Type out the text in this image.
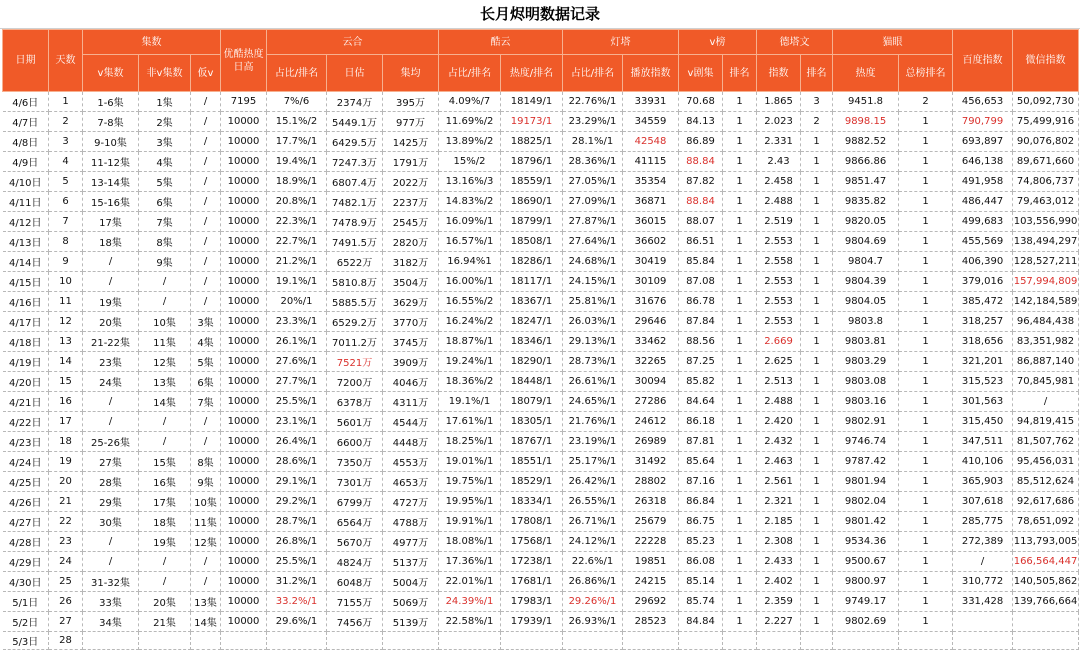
长月烬明数据记录
日期	天数	集数			优酷热度日高	云合			酷云		灯塔		v榜		德塔文		猫眼		百度指数	微信指数
		v集数	非v集数	仮v		占比/排名	日估	集均	占比/排名	热度/排名	占比/排名	播放指数	v剧集	排名	指数	排名	热度	总榜排名		
4/6日	1	1-6集	1集	/	7195	7%/6	2374万	395万	4.09%/7	18149/1	22.76%/1	33931	70.68	1	1.865	3	9451.8	2	456,653	50,092,730
4/7日	2	7-8集	2集	/	10000	15.1%/2	5449.1万	977万	11.69%/2	19173/1	23.29%/1	34559	84.13	1	2.023	2	9898.15	1	790,799	75,499,916
4/8日	3	9-10集	3集	/	10000	17.7%/1	6429.5万	1425万	13.89%/2	18825/1	28.1%/1	42548	86.89	1	2.331	1	9882.52	1	693,897	90,076,802
4/9日	4	11-12集	4集	/	10000	19.4%/1	7247.3万	1791万	15%/2	18796/1	28.36%/1	41115	88.84	1	2.43	1	9866.86	1	646,138	89,671,660
4/10日	5	13-14集	5集	/	10000	18.9%/1	6807.4万	2022万	13.16%/3	18559/1	27.05%/1	35354	87.82	1	2.458	1	9851.47	1	491,958	74,806,737
4/11日	6	15-16集	6集	/	10000	20.8%/1	7482.1万	2237万	14.83%/2	18690/1	27.09%/1	36871	88.84	1	2.488	1	9835.82	1	486,447	79,463,012
4/12日	7	17集	7集	/	10000	22.3%/1	7478.9万	2545万	16.09%/1	18799/1	27.87%/1	36015	88.07	1	2.519	1	9820.05	1	499,683	103,556,990
4/13日	8	18集	8集	/	10000	22.7%/1	7491.5万	2820万	16.57%/1	18508/1	27.64%/1	36602	86.51	1	2.553	1	9804.69	1	455,569	138,494,297
4/14日	9	/	9集	/	10000	21.2%/1	6522万	3182万	16.94%1	18286/1	24.68%/1	30419	85.84	1	2.558	1	9804.7	1	406,390	128,527,211
4/15日	10	/	/	/	10000	19.1%/1	5810.8万	3504万	16.00%/1	18117/1	24.15%/1	30109	87.08	1	2.553	1	9804.39	1	379,016	157,994,809
4/16日	11	19集	/	/	10000	20%/1	5885.5万	3629万	16.55%/2	18367/1	25.81%/1	31676	86.78	1	2.553	1	9804.05	1	385,472	142,184,589
4/17日	12	20集	10集	3集	10000	23.3%/1	6529.2万	3770万	16.24%/2	18247/1	26.03%/1	29646	87.84	1	2.553	1	9803.8	1	318,257	96,484,438
4/18日	13	21-22集	11集	4集	10000	26.1%/1	7011.2万	3745万	18.87%/1	18346/1	29.13%/1	33462	88.56	1	2.669	1	9803.81	1	318,656	83,351,982
4/19日	14	23集	12集	5集	10000	27.6%/1	7521万	3909万	19.24%/1	18290/1	28.73%/1	32265	87.25	1	2.625	1	9803.29	1	321,201	86,887,140
4/20日	15	24集	13集	6集	10000	27.7%/1	7200万	4046万	18.36%/2	18448/1	26.61%/1	30094	85.82	1	2.513	1	9803.08	1	315,523	70,845,981
4/21日	16	/	14集	7集	10000	25.5%/1	6378万	4311万	19.1%/1	18079/1	24.65%/1	27286	84.64	1	2.488	1	9803.16	1	301,563	/
4/22日	17	/	/	/	10000	23.1%/1	5601万	4544万	17.61%/1	18305/1	21.76%/1	24612	86.18	1	2.420	1	9802.91	1	315,450	94,819,415
4/23日	18	25-26集	/	/	10000	26.4%/1	6600万	4448万	18.25%/1	18767/1	23.19%/1	26989	87.81	1	2.432	1	9746.74	1	347,511	81,507,762
4/24日	19	27集	15集	8集	10000	28.6%/1	7350万	4553万	19.01%/1	18551/1	25.17%/1	31492	85.64	1	2.463	1	9787.42	1	410,106	95,456,031
4/25日	20	28集	16集	9集	10000	29.1%/1	7301万	4653万	19.75%/1	18529/1	26.42%/1	28802	87.16	1	2.561	1	9801.94	1	365,903	85,512,624
4/26日	21	29集	17集	10集	10000	29.2%/1	6799万	4727万	19.95%/1	18334/1	26.55%/1	26318	86.84	1	2.321	1	9802.04	1	307,618	92,617,686
4/27日	22	30集	18集	11集	10000	28.7%/1	6564万	4788万	19.91%/1	17808/1	26.71%/1	25679	86.75	1	2.185	1	9801.42	1	285,775	78,651,092
4/28日	23	/	19集	12集	10000	26.8%/1	5670万	4977万	18.08%/1	17568/1	24.12%/1	22228	85.23	1	2.308	1	9534.36	1	272,389	113,793,005
4/29日	24	/	/	/	10000	25.5%/1	4824万	5137万	17.36%/1	17238/1	22.6%/1	19851	86.08	1	2.433	1	9500.67	1	/	166,564,447
4/30日	25	31-32集	/	/	10000	31.2%/1	6048万	5004万	22.01%/1	17681/1	26.86%/1	24215	85.14	1	2.402	1	9800.97	1	310,772	140,505,862
5/1日	26	33集	20集	13集	10000	33.2%/1	7155万	5069万	24.39%/1	17983/1	29.26%/1	29692	85.74	1	2.359	1	9749.17	1	331,428	139,766,664
5/2日	27	34集	21集	14集	10000	29.6%/1	7456万	5139万	22.58%/1	17939/1	26.93%/1	28523	84.84	1	2.227	1	9802.69	1		
5/3日	28																			
